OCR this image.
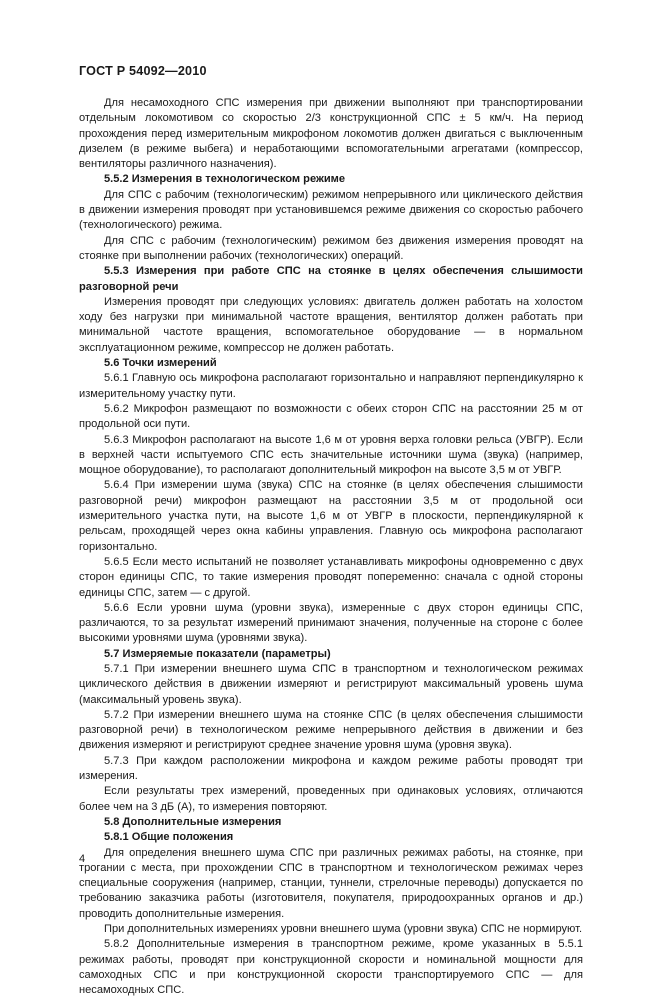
ГОСТ Р 54092—2010

Для несамоходного СПС измерения при движении выполняют при транспортировании отдельным локомотивом со скоростью 2/3 конструкционной СПС ± 5 км/ч. На период прохождения перед измерительным микрофоном локомотив должен двигаться с выключенным дизелем (в режиме выбега) и неработающими вспомогательными агрегатами (компрессор, вентиляторы различного назначения).

5.5.2 Измерения в технологическом режиме

Для СПС с рабочим (технологическим) режимом непрерывного или циклического действия в движении измерения проводят при установившемся режиме движения со скоростью рабочего (технологического) режима.

Для СПС с рабочим (технологическим) режимом без движения измерения проводят на стоянке при выполнении рабочих (технологических) операций.

5.5.3 Измерения при работе СПС на стоянке в целях обеспечения слышимости разговорной речи

Измерения проводят при следующих условиях: двигатель должен работать на холостом ходу без нагрузки при минимальной частоте вращения, вентилятор должен работать при минимальной частоте вращения, вспомогательное оборудование — в нормальном эксплуатационном режиме, компрессор не должен работать.

5.6 Точки измерений

5.6.1 Главную ось микрофона располагают горизонтально и направляют перпендикулярно к измерительному участку пути.

5.6.2 Микрофон размещают по возможности с обеих сторон СПС на расстоянии 25 м от продольной оси пути.

5.6.3 Микрофон располагают на высоте 1,6 м от уровня верха головки рельса (УВГР). Если в верхней части испытуемого СПС есть значительные источники шума (звука) (например, мощное оборудование), то располагают дополнительный микрофон на высоте 3,5 м от УВГР.

5.6.4 При измерении шума (звука) СПС на стоянке (в целях обеспечения слышимости разговорной речи) микрофон размещают на расстоянии 3,5 м от продольной оси измерительного участка пути, на высоте 1,6 м от УВГР в плоскости, перпендикулярной к рельсам, проходящей через окна кабины управления. Главную ось микрофона располагают горизонтально.

5.6.5 Если место испытаний не позволяет устанавливать микрофоны одновременно с двух сторон единицы СПС, то такие измерения проводят попеременно: сначала с одной стороны единицы СПС, затем — с другой.

5.6.6 Если уровни шума (уровни звука), измеренные с двух сторон единицы СПС, различаются, то за результат измерений принимают значения, полученные на стороне с более высокими уровнями шума (уровнями звука).

5.7 Измеряемые показатели (параметры)

5.7.1 При измерении внешнего шума СПС в транспортном и технологическом режимах циклического действия в движении измеряют и регистрируют максимальный уровень шума (максимальный уровень звука).

5.7.2 При измерении внешнего шума на стоянке СПС (в целях обеспечения слышимости разговорной речи) в технологическом режиме непрерывного действия в движении и без движения измеряют и регистрируют среднее значение уровня шума (уровня звука).

5.7.3 При каждом расположении микрофона и каждом режиме работы проводят три измерения.

Если результаты трех измерений, проведенных при одинаковых условиях, отличаются более чем на 3 дБ (А), то измерения повторяют.

5.8 Дополнительные измерения

5.8.1 Общие положения

Для определения внешнего шума СПС при различных режимах работы, на стоянке, при трогании с места, при прохождении СПС в транспортном и технологическом режимах через специальные сооружения (например, станции, туннели, стрелочные переводы) допускается по требованию заказчика работы (изготовителя, покупателя, природоохранных органов и др.) проводить дополнительные измерения.

При дополнительных измерениях уровни внешнего шума (уровни звука) СПС не нормируют.

5.8.2 Дополнительные измерения в транспортном режиме, кроме указанных в 5.5.1 режимах работы, проводят при конструкционной скорости и номинальной мощности для самоходных СПС и при конструкционной скорости транспортируемого СПС — для несамоходных СПС.

4
